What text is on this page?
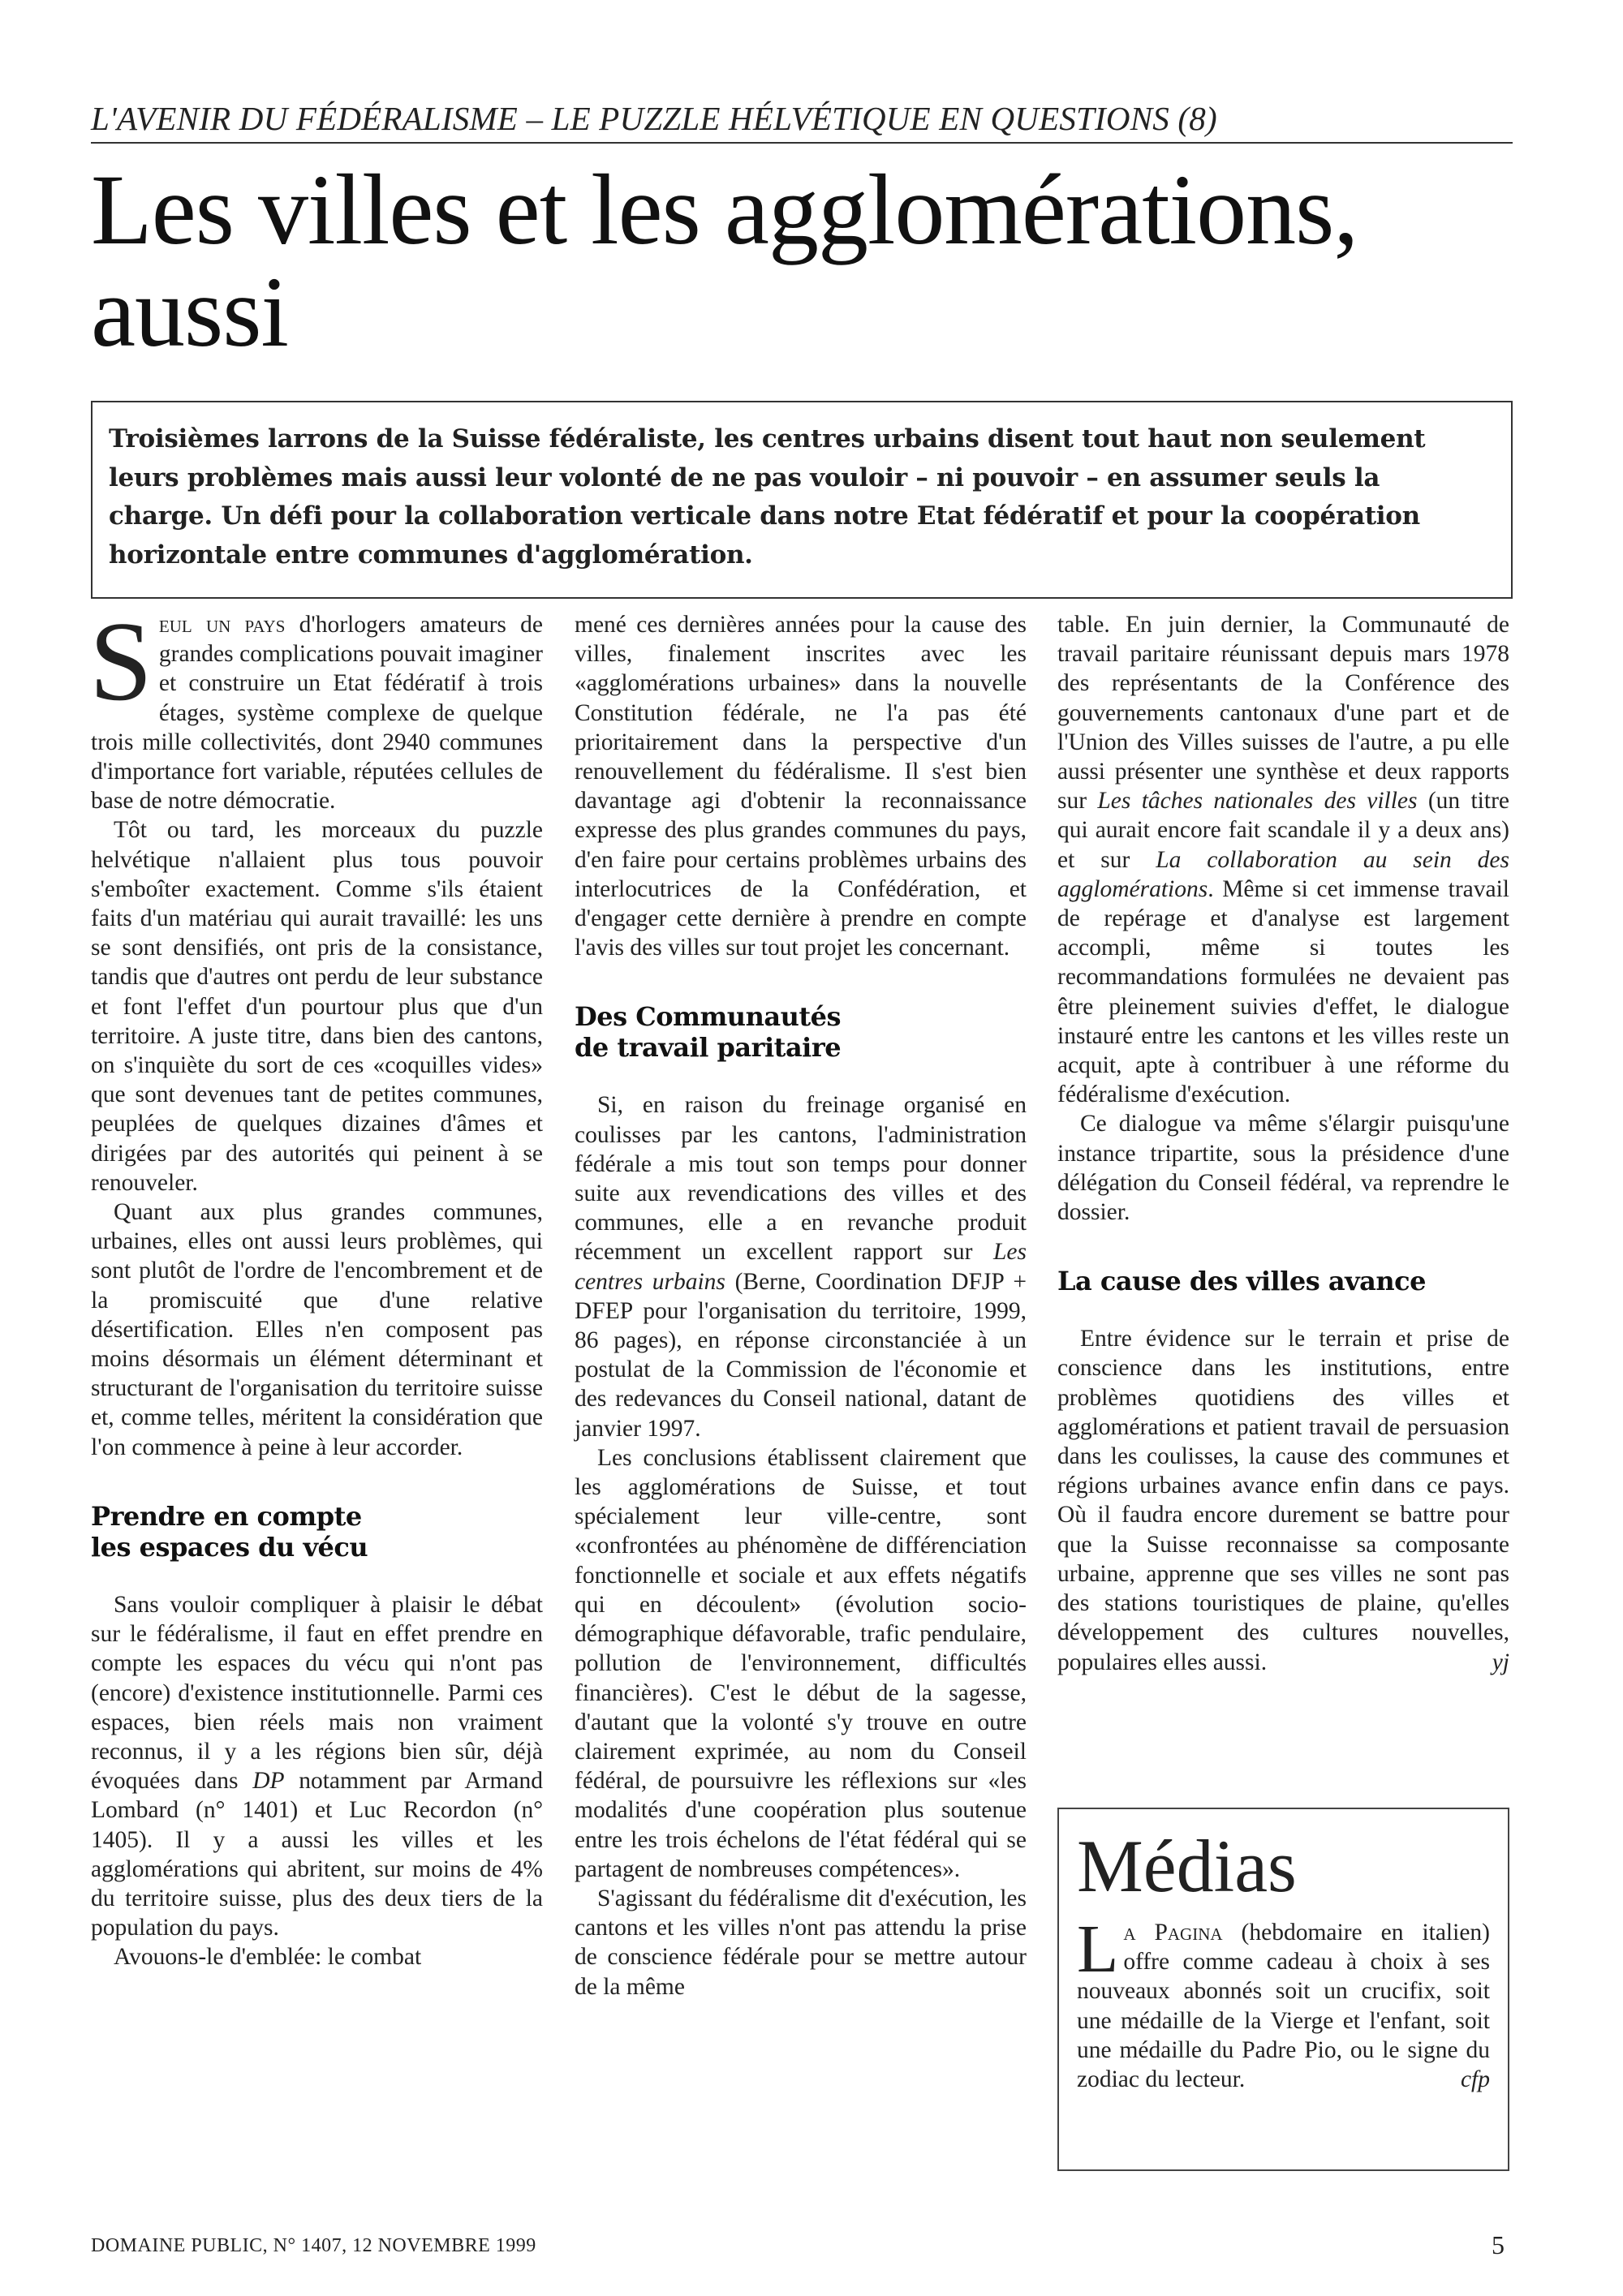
L'AVENIR DU FÉDÉRALISME – LE PUZZLE HÉLVÉTIQUE EN QUESTIONS (8)
Les villes et les agglomérations,
aussi
Troisièmes larrons de la Suisse fédéraliste, les centres urbains disent tout haut non seulement leurs problèmes mais aussi leur volonté de ne pas vouloir – ni pouvoir – en assumer seuls la charge. Un défi pour la collaboration verticale dans notre Etat fédératif et pour la coopération horizontale entre communes d'agglomération.

Seul un pays d'horlogers amateurs de grandes complications pouvait imaginer et construire un Etat fédératif à trois étages, système complexe de quelque trois mille collectivités, dont 2940 communes d'importance fort variable, réputées cellules de base de notre démocratie.

Tôt ou tard, les morceaux du puzzle helvétique n'allaient plus tous pouvoir s'emboîter exactement. Comme s'ils étaient faits d'un matériau qui aurait travaillé: les uns se sont densifiés, ont pris de la consistance, tandis que d'autres ont perdu de leur substance et font l'effet d'un pourtour plus que d'un territoire. A juste titre, dans bien des cantons, on s'inquiète du sort de ces «coquilles vides» que sont devenues tant de petites communes, peuplées de quelques dizaines d'âmes et dirigées par des autorités qui peinent à se renouveler.

Quant aux plus grandes communes, urbaines, elles ont aussi leurs problèmes, qui sont plutôt de l'ordre de l'encombrement et de la promiscuité que d'une relative désertification. Elles n'en composent pas moins désormais un élément déterminant et structurant de l'organisation du territoire suisse et, comme telles, méritent la considération que l'on commence à peine à leur accorder.

Prendre en compte
les espaces du vécu

Sans vouloir compliquer à plaisir le débat sur le fédéralisme, il faut en effet prendre en compte les espaces du vécu qui n'ont pas (encore) d'existence institutionnelle. Parmi ces espaces, bien réels mais non vraiment reconnus, il y a les régions bien sûr, déjà évoquées dans DP notamment par Armand Lombard (n° 1401) et Luc Recordon (n° 1405). Il y a aussi les villes et les agglomérations qui abritent, sur moins de 4% du territoire suisse, plus des deux tiers de la population du pays.

Avouons-le d'emblée: le combat

mené ces dernières années pour la cause des villes, finalement inscrites avec les «agglomérations urbaines» dans la nouvelle Constitution fédérale, ne l'a pas été prioritairement dans la perspective d'un renouvellement du fédéralisme. Il s'est bien davantage agi d'obtenir la reconnaissance expresse des plus grandes communes du pays, d'en faire pour certains problèmes urbains des interlocutrices de la Confédération, et d'engager cette dernière à prendre en compte l'avis des villes sur tout projet les concernant.

Des Communautés
de travail paritaire

Si, en raison du freinage organisé en coulisses par les cantons, l'administration fédérale a mis tout son temps pour donner suite aux revendications des villes et des communes, elle a en revanche produit récemment un excellent rapport sur Les centres urbains (Berne, Coordination DFJP + DFEP pour l'organisation du territoire, 1999, 86 pages), en réponse circonstanciée à un postulat de la Commission de l'économie et des redevances du Conseil national, datant de janvier 1997.

Les conclusions établissent clairement que les agglomérations de Suisse, et tout spécialement leur ville-centre, sont «confrontées au phénomène de différenciation fonctionnelle et sociale et aux effets négatifs qui en découlent» (évolution socio-démographique défavorable, trafic pendulaire, pollution de l'environnement, difficultés financières). C'est le début de la sagesse, d'autant que la volonté s'y trouve en outre clairement exprimée, au nom du Conseil fédéral, de poursuivre les réflexions sur «les modalités d'une coopération plus soutenue entre les trois échelons de l'état fédéral qui se partagent de nombreuses compétences».

S'agissant du fédéralisme dit d'exécution, les cantons et les villes n'ont pas attendu la prise de conscience fédérale pour se mettre autour de la même

table. En juin dernier, la Communauté de travail paritaire réunissant depuis mars 1978 des représentants de la Conférence des gouvernements cantonaux d'une part et de l'Union des Villes suisses de l'autre, a pu elle aussi présenter une synthèse et deux rapports sur Les tâches nationales des villes (un titre qui aurait encore fait scandale il y a deux ans) et sur La collaboration au sein des agglomérations. Même si cet immense travail de repérage et d'analyse est largement accompli, même si toutes les recommandations formulées ne devaient pas être pleinement suivies d'effet, le dialogue instauré entre les cantons et les villes reste un acquit, apte à contribuer à une réforme du fédéralisme d'exécution.

Ce dialogue va même s'élargir puisqu'une instance tripartite, sous la présidence d'une délégation du Conseil fédéral, va reprendre le dossier.

La cause des villes avance

Entre évidence sur le terrain et prise de conscience dans les institutions, entre problèmes quotidiens des villes et agglomérations et patient travail de persuasion dans les coulisses, la cause des communes et régions urbaines avance enfin dans ce pays. Où il faudra encore durement se battre pour que la Suisse reconnaisse sa composante urbaine, apprenne que ses villes ne sont pas des stations touristiques de plaine, qu'elles développement des cultures nouvelles, populaires elles aussi.	yj

Médias

La Pagina (hebdomaire en italien) offre comme cadeau à choix à ses nouveaux abonnés soit un crucifix, soit une médaille de la Vierge et l'enfant, soit une médaille du Padre Pio, ou le signe du zodiac du lecteur.	cfp

DOMAINE PUBLIC, N° 1407, 12 NOVEMBRE 1999	5
